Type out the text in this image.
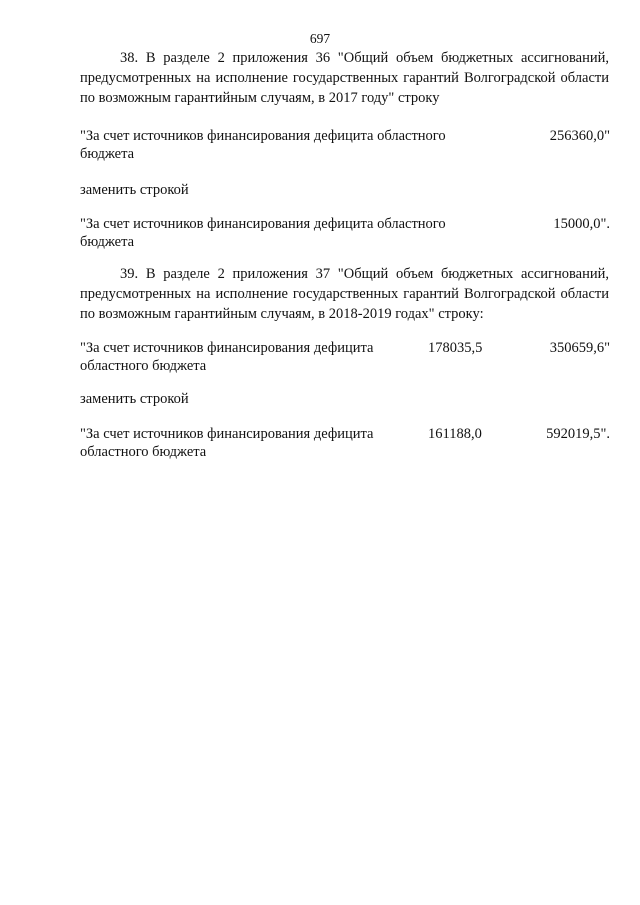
697

38. В разделе 2 приложения 36 "Общий объем бюджетных ассигнований, предусмотренных на исполнение государственных гарантий Волгоградской области по возможным гарантийным случаям, в 2017 году" строку

"За счет источников финансирования дефицита областного
бюджета
256360,0"
заменить строкой
"За счет источников финансирования дефицита областного
бюджета
15000,0".

39. В разделе 2 приложения 37 "Общий объем бюджетных ассигнований, предусмотренных на исполнение государственных гарантий Волгоградской области по возможным гарантийным случаям, в 2018-2019 годах" строку:

"За счет источников финансирования дефицита
областного бюджета
178035,5	350659,6"
заменить строкой
"За счет источников финансирования дефицита
областного бюджета
161188,0	592019,5".
